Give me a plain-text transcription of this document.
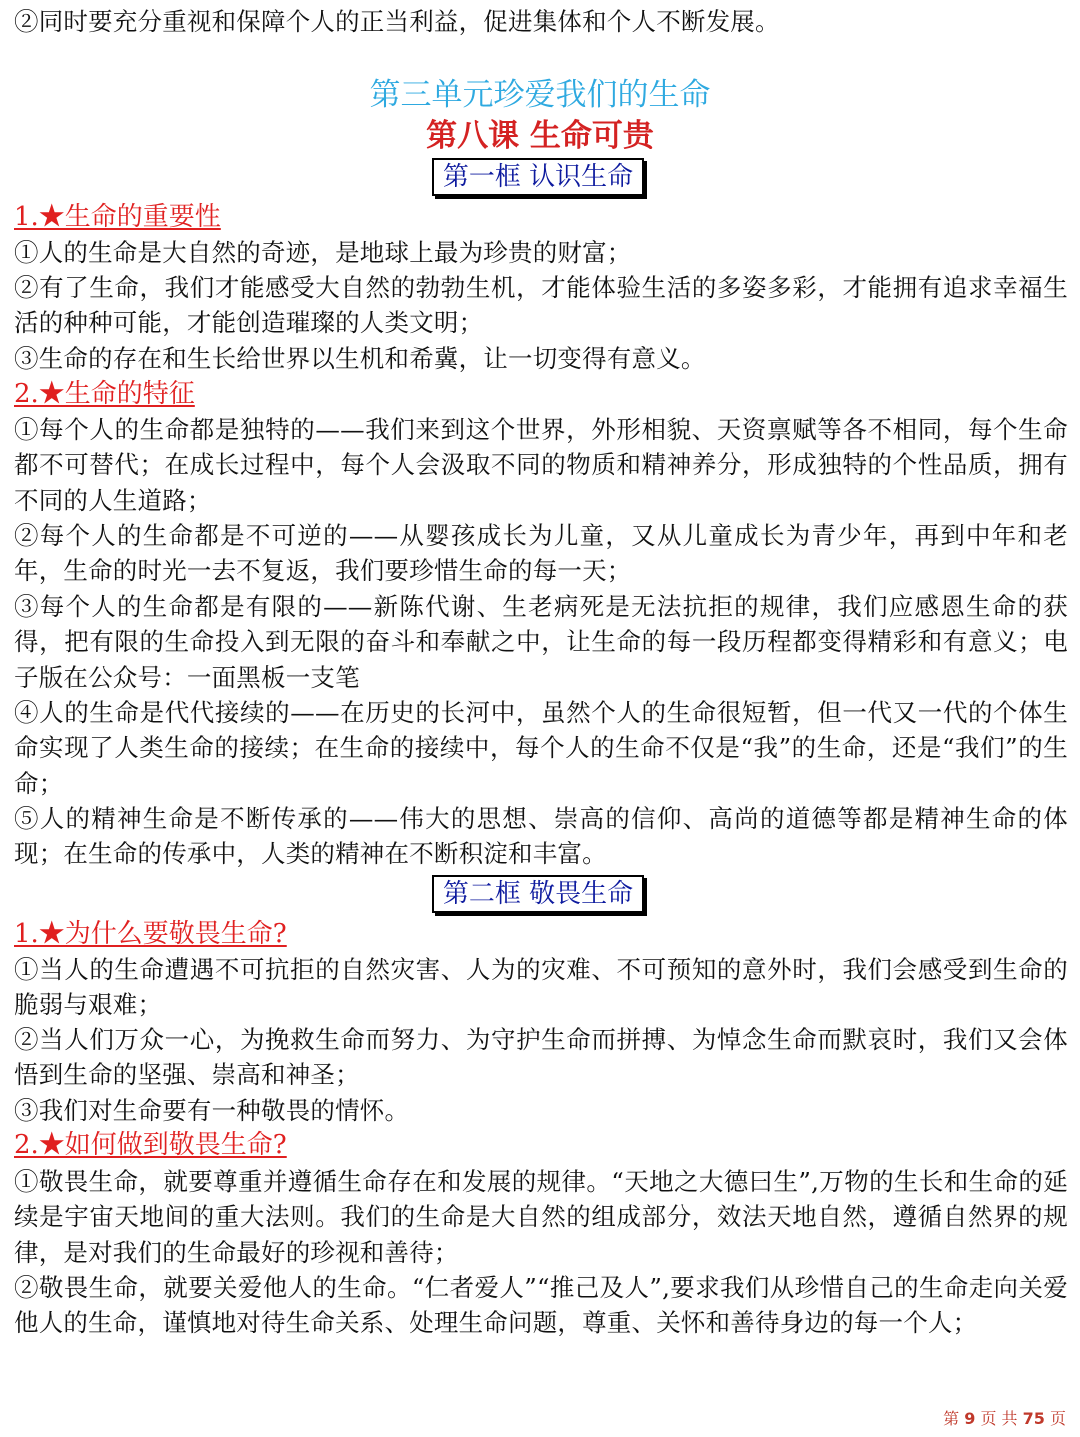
②同时要充分重视和保障个人的正当利益，促进集体和个人不断发展。

第三单元珍爱我们的生命
第八课 生命可贵
第一框 认识生命
1.★生命的重要性

①人的生命是大自然的奇迹，是地球上最为珍贵的财富；

②有了生命，我们才能感受大自然的勃勃生机，才能体验生活的多姿多彩，才能拥有追求幸福生活的种种可能，才能创造璀璨的人类文明；

③生命的存在和生长给世界以生机和希冀，让一切变得有意义。

2.★生命的特征

①每个人的生命都是独特的——我们来到这个世界，外形相貌、天资禀赋等各不相同，每个生命都不可替代；在成长过程中，每个人会汲取不同的物质和精神养分，形成独特的个性品质，拥有不同的人生道路；

②每个人的生命都是不可逆的——从婴孩成长为儿童，又从儿童成长为青少年，再到中年和老年，生命的时光一去不复返，我们要珍惜生命的每一天；

③每个人的生命都是有限的——新陈代谢、生老病死是无法抗拒的规律，我们应感恩生命的获得，把有限的生命投入到无限的奋斗和奉献之中，让生命的每一段历程都变得精彩和有意义；电子版在公众号：一面黑板一支笔

④人的生命是代代接续的——在历史的长河中，虽然个人的生命很短暂，但一代又一代的个体生命实现了人类生命的接续；在生命的接续中，每个人的生命不仅是“我”的生命，还是“我们”的生命；

⑤人的精神生命是不断传承的——伟大的思想、崇高的信仰、高尚的道德等都是精神生命的体现；在生命的传承中，人类的精神在不断积淀和丰富。

第二框 敬畏生命
1.★为什么要敬畏生命?

①当人的生命遭遇不可抗拒的自然灾害、人为的灾难、不可预知的意外时，我们会感受到生命的脆弱与艰难；

②当人们万众一心，为挽救生命而努力、为守护生命而拼搏、为悼念生命而默哀时，我们又会体悟到生命的坚强、崇高和神圣；

③我们对生命要有一种敬畏的情怀。

2.★如何做到敬畏生命?

①敬畏生命，就要尊重并遵循生命存在和发展的规律。“天地之大德曰生”,万物的生长和生命的延续是宇宙天地间的重大法则。我们的生命是大自然的组成部分，效法天地自然，遵循自然界的规律，是对我们的生命最好的珍视和善待；

②敬畏生命，就要关爱他人的生命。“仁者爱人”“推己及人”,要求我们从珍惜自己的生命走向关爱他人的生命，谨慎地对待生命关系、处理生命问题，尊重、关怀和善待身边的每一个人；

第 9 页 共 75 页
